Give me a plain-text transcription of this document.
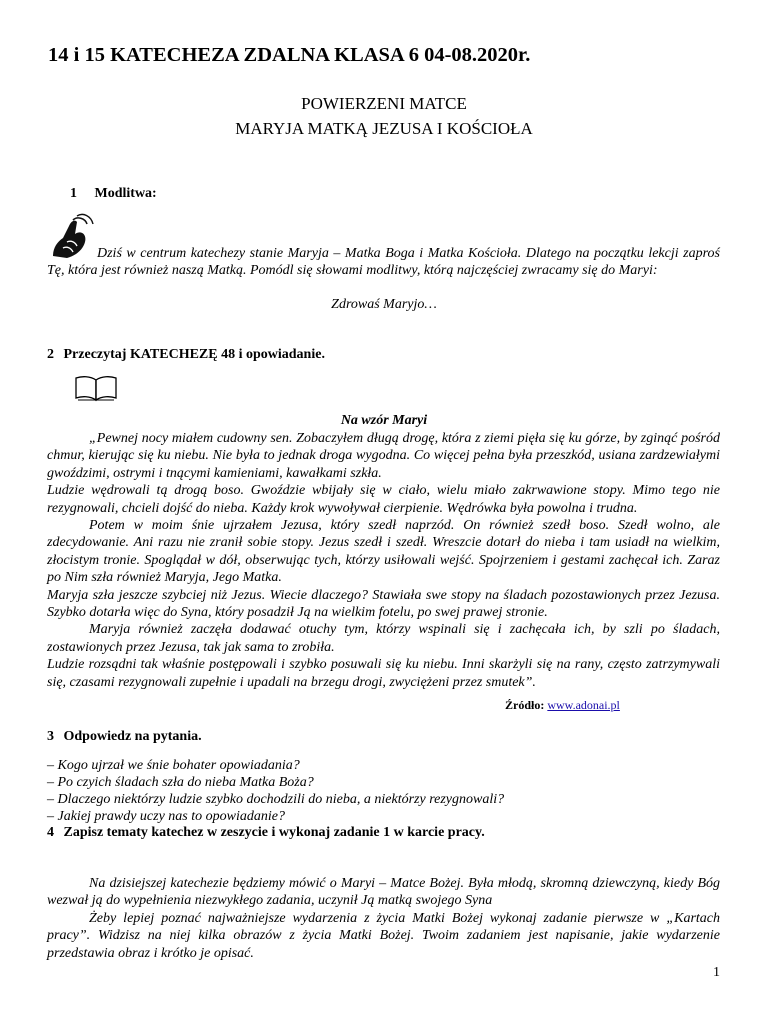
14 i 15 KATECHEZA ZDALNA KLASA 6 04-08.2020r.
POWIERZENI MATCE
MARYJA MATKĄ JEZUSA I KOŚCIOŁA
1 Modlitwa:

Dziś w centrum katechezy stanie Maryja – Matka Boga i Matka Kościoła. Dlatego na początku lekcji zaproś Tę, która jest również naszą Matką. Pomódl się słowami modlitwy, którą najczęściej zwracamy się do Maryi:

Zdrowaś Maryjo…
2 Przeczytaj KATECHEZĘ 48 i opowiadanie.
Na wzór Maryi

„Pewnej nocy miałem cudowny sen. Zobaczyłem długą drogę, która z ziemi pięła się ku górze, by zginąć pośród chmur, kierując się ku niebu. Nie była to jednak droga wygodna. Co więcej pełna była przeszkód, usiana zardzewiałymi gwoździmi, ostrymi i tnącymi kamieniami, kawałkami szkła.

Ludzie wędrowali tą drogą boso. Gwoździe wbijały się w ciało, wielu miało zakrwawione stopy. Mimo tego nie rezygnowali, chcieli dojść do nieba. Każdy krok wywoływał cierpienie. Wędrówka była powolna i trudna.

Potem w moim śnie ujrzałem Jezusa, który szedł naprzód. On również szedł boso. Szedł wolno, ale zdecydowanie. Ani razu nie zranił sobie stopy. Jezus szedł i szedł. Wreszcie dotarł do nieba i tam usiadł na wielkim, złocistym tronie. Spoglądał w dół, obserwując tych, którzy usiłowali wejść. Spojrzeniem i gestami zachęcał ich. Zaraz po Nim szła również Maryja, Jego Matka.

Maryja szła jeszcze szybciej niż Jezus. Wiecie dlaczego? Stawiała swe stopy na śladach pozostawionych przez Jezusa. Szybko dotarła więc do Syna, który posadził Ją na wielkim fotelu, po swej prawej stronie.

Maryja również zaczęła dodawać otuchy tym, którzy wspinali się i zachęcała ich, by szli po śladach, zostawionych przez Jezusa, tak jak sama to zrobiła.

Ludzie rozsądni tak właśnie postępowali i szybko posuwali się ku niebu. Inni skarżyli się na rany, często zatrzymywali się, czasami rezygnowali zupełnie i upadali na brzegu drogi, zwyciężeni przez smutek”.

Źródło: www.adonai.pl
3 Odpowiedz na pytania.
– Kogo ujrzał we śnie bohater opowiadania?
– Po czyich śladach szła do nieba Matka Boża?
– Dlaczego niektórzy ludzie szybko dochodzili do nieba, a niektórzy rezygnowali?
– Jakiej prawdy uczy nas to opowiadanie?
4 Zapisz tematy katechez w zeszycie i wykonaj zadanie 1 w karcie pracy.

Na dzisiejszej katechezie będziemy mówić o Maryi – Matce Bożej. Była młodą, skromną dziewczyną, kiedy Bóg wezwał ją do wypełnienia niezwykłego zadania, uczynił Ją matką swojego Syna

Żeby lepiej poznać najważniejsze wydarzenia z życia Matki Bożej wykonaj zadanie pierwsze w „Kartach pracy”. Widzisz na niej kilka obrazów z życia Matki Bożej. Twoim zadaniem jest napisanie, jakie wydarzenie przedstawia obraz i krótko je opisać.

1
